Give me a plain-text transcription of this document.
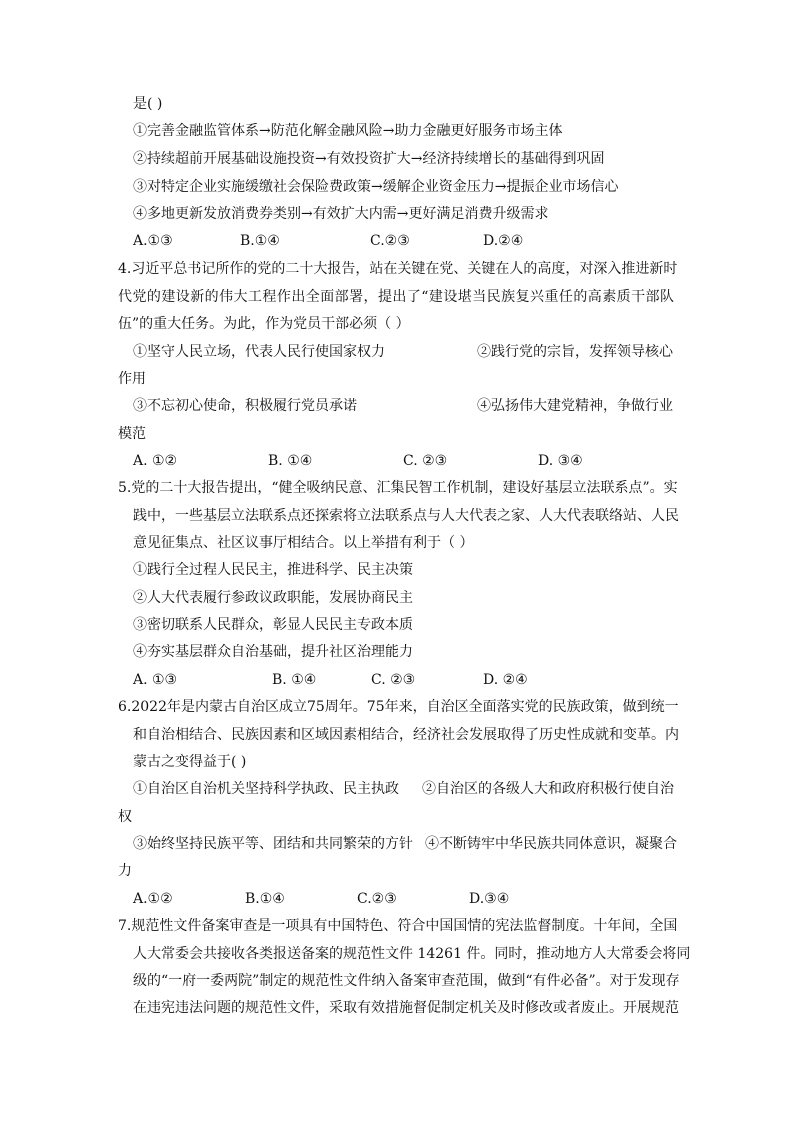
是( )
①完善金融监管体系→防范化解金融风险→助力金融更好服务市场主体
②持续超前开展基础设施投资→有效投资扩大→经济持续增长的基础得到巩固
③对特定企业实施缓缴社会保险费政策→缓解企业资金压力→提振企业市场信心
④多地更新发放消费券类别→有效扩大内需→更好满足消费升级需求
A.①③	B.①④	C.②③	D.②④
4.习近平总书记所作的党的二十大报告，站在关键在党、关键在人的高度，对深入推进新时
代党的建设新的伟大工程作出全面部署，提出了“建设堪当民族复兴重任的高素质干部队
伍”的重大任务。为此，作为党员干部必须（ ）
①坚守人民立场，代表人民行使国家权力	②践行党的宗旨，发挥领导核心
作用
③不忘初心使命，积极履行党员承诺	④弘扬伟大建党精神，争做行业
模范
A. ①②	B. ①④	C. ②③	D. ③④
5.党的二十大报告提出，“健全吸纳民意、汇集民智工作机制，建设好基层立法联系点”。实
践中，一些基层立法联系点还探索将立法联系点与人大代表之家、人大代表联络站、人民
意见征集点、社区议事厅相结合。以上举措有利于（ ）
①践行全过程人民民主，推进科学、民主决策
②人大代表履行参政议政职能，发展协商民主
③密切联系人民群众，彰显人民民主专政本质
④夯实基层群众自治基础，提升社区治理能力
A. ①③	B. ①④	C. ②③	D. ②④
6.2022年是内蒙古自治区成立75周年。75年来，自治区全面落实党的民族政策，做到统一
和自治相结合、民族因素和区域因素相结合，经济社会发展取得了历史性成就和变革。内
蒙古之变得益于( )
①自治区自治机关坚持科学执政、民主执政 ②自治区的各级人大和政府积极行使自治
权
③始终坚持民族平等、团结和共同繁荣的方针 ④不断铸牢中华民族共同体意识，凝聚合
力
A.①②	B.①④	C.②③	D.③④
7.规范性文件备案审查是一项具有中国特色、符合中国国情的宪法监督制度。十年间，全国
人大常委会共接收各类报送备案的规范性文件 14261 件。同时，推动地方人大常委会将同
级的“一府一委两院”制定的规范性文件纳入备案审查范围，做到“有件必备”。对于发现存
在违宪违法问题的规范性文件，采取有效措施督促制定机关及时修改或者废止。开展规范
